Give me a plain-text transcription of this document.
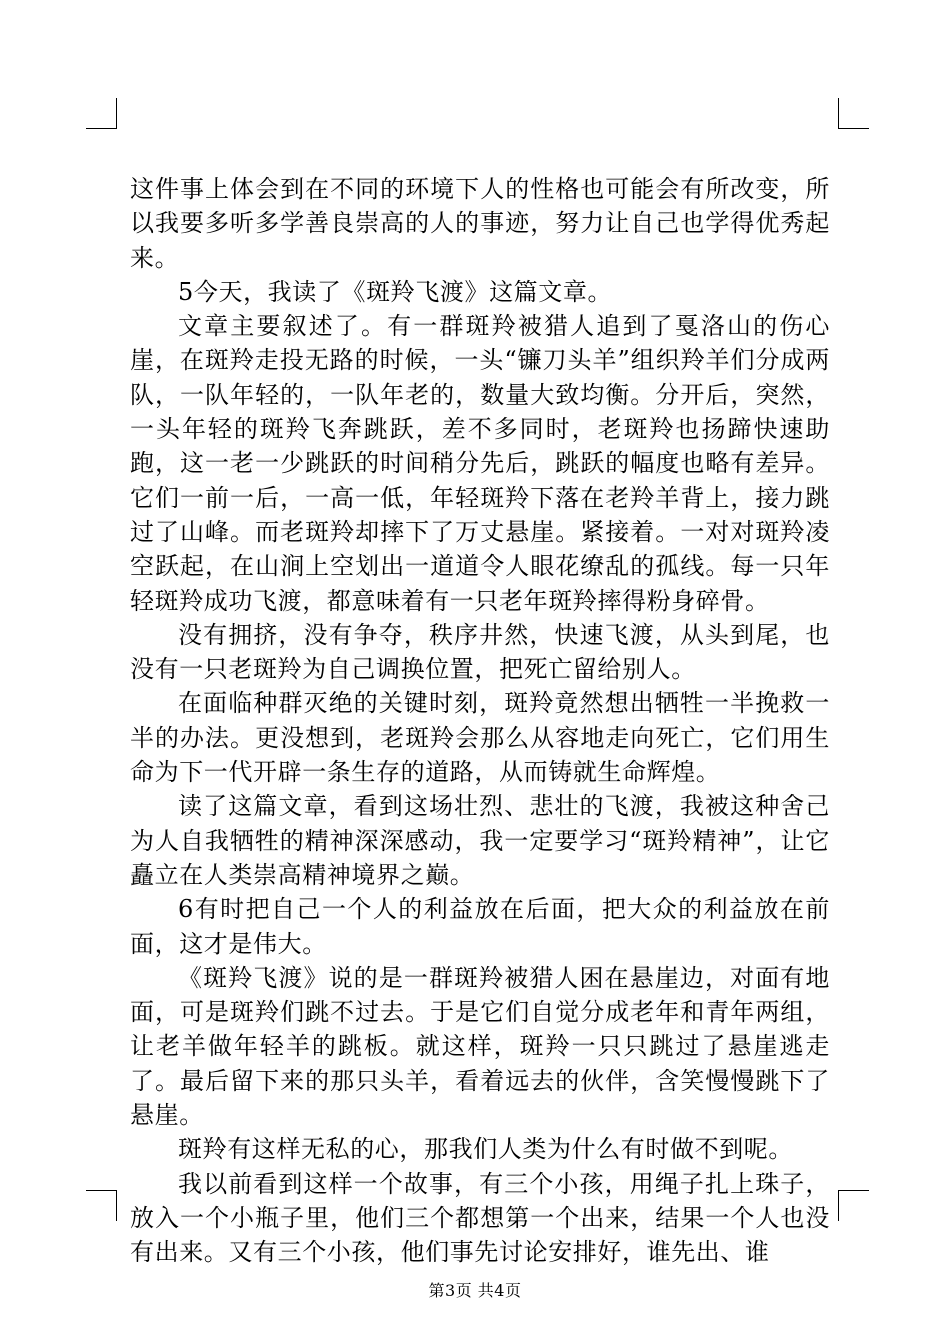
这件事上体会到在不同的环境下人的性格也可能会有所改变，所以我要多听多学善良崇高的人的事迹，努力让自己也学得优秀起来。

5今天，我读了《斑羚飞渡》这篇文章。

文章主要叙述了。有一群斑羚被猎人追到了戛洛山的伤心崖，在斑羚走投无路的时候，一头“镰刀头羊”组织羚羊们分成两队，一队年轻的，一队年老的，数量大致均衡。分开后，突然，一头年轻的斑羚飞奔跳跃，差不多同时，老斑羚也扬蹄快速助跑，这一老一少跳跃的时间稍分先后，跳跃的幅度也略有差异。它们一前一后，一高一低，年轻斑羚下落在老羚羊背上，接力跳过了山峰。而老斑羚却摔下了万丈悬崖。紧接着。一对对斑羚凌空跃起，在山涧上空划出一道道令人眼花缭乱的孤线。每一只年轻斑羚成功飞渡，都意味着有一只老年斑羚摔得粉身碎骨。

没有拥挤，没有争夺，秩序井然，快速飞渡，从头到尾，也没有一只老斑羚为自己调换位置，把死亡留给别人。

在面临种群灭绝的关键时刻，斑羚竟然想出牺牲一半挽救一半的办法。更没想到，老斑羚会那么从容地走向死亡，它们用生命为下一代开辟一条生存的道路，从而铸就生命辉煌。

读了这篇文章，看到这场壮烈、悲壮的飞渡，我被这种舍己为人自我牺牲的精神深深感动，我一定要学习“斑羚精神”，让它矗立在人类崇高精神境界之巅。

6有时把自己一个人的利益放在后面，把大众的利益放在前面，这才是伟大。

《斑羚飞渡》说的是一群斑羚被猎人困在悬崖边，对面有地面，可是斑羚们跳不过去。于是它们自觉分成老年和青年两组，让老羊做年轻羊的跳板。就这样，斑羚一只只跳过了悬崖逃走了。最后留下来的那只头羊，看着远去的伙伴，含笑慢慢跳下了悬崖。

斑羚有这样无私的心，那我们人类为什么有时做不到呢。

我以前看到这样一个故事，有三个小孩，用绳子扎上珠子，放入一个小瓶子里，他们三个都想第一个出来，结果一个人也没有出来。又有三个小孩，他们事先讨论安排好，谁先出、谁

第3页 共4页
